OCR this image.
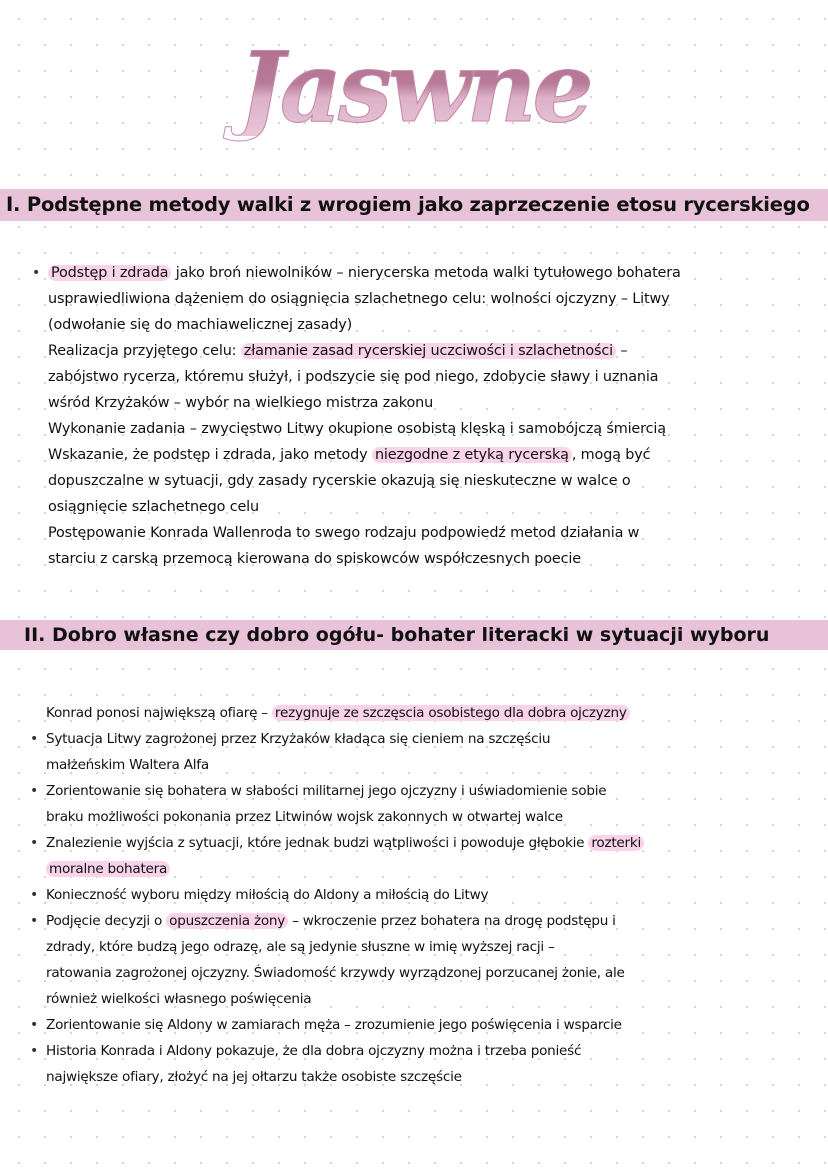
Jaswne
I. Podstępne metody walki z wrogiem jako zaprzeczenie etosu rycerskiego
• Podstęp i zdrada jako broń niewolników – nierycerska metoda walki tytułowego bohatera
usprawiedliwiona dążeniem do osiągnięcia szlachetnego celu: wolności ojczyzny – Litwy
(odwołanie się do machiawelicznej zasady)
Realizacja przyjętego celu: złamanie zasad rycerskiej uczciwości i szlachetności –
zabójstwo rycerza, któremu służył, i podszycie się pod niego, zdobycie sławy i uznania
wśród Krzyżaków – wybór na wielkiego mistrza zakonu
Wykonanie zadania – zwycięstwo Litwy okupione osobistą klęską i samobójczą śmiercią
Wskazanie, że podstęp i zdrada, jako metody niezgodne z etyką rycerską , mogą być
dopuszczalne w sytuacji, gdy zasady rycerskie okazują się nieskuteczne w walce o
osiągnięcie szlachetnego celu
Postępowanie Konrada Wallenroda to swego rodzaju podpowiedź metod działania w
starciu z carską przemocą kierowana do spiskowców współczesnych poecie
II. Dobro własne czy dobro ogółu- bohater literacki w sytuacji wyboru
Konrad ponosi największą ofiarę – rezygnuje ze szczęscia osobistego dla dobra ojczyzny
• Sytuacja Litwy zagrożonej przez Krzyżaków kładąca się cieniem na szczęściu
małżeńskim Waltera Alfa
• Zorientowanie się bohatera w słabości militarnej jego ojczyzny i uświadomienie sobie
braku możliwości pokonania przez Litwinów wojsk zakonnych w otwartej walce
• Znalezienie wyjścia z sytuacji, które jednak budzi wątpliwości i powoduje głębokie rozterki
moralne bohatera
• Konieczność wyboru między miłością do Aldony a miłością do Litwy
• Podjęcie decyzji o opuszczenia żony – wkroczenie przez bohatera na drogę podstępu i
zdrady, które budzą jego odrazę, ale są jedynie słuszne w imię wyższej racji –
ratowania zagrożonej ojczyzny. Świadomość krzywdy wyrządzonej porzucanej żonie, ale
również wielkości własnego poświęcenia
• Zorientowanie się Aldony w zamiarach męża – zrozumienie jego poświęcenia i wsparcie
• Historia Konrada i Aldony pokazuje, że dla dobra ojczyzny można i trzeba ponieść
największe ofiary, złożyć na jej ołtarzu także osobiste szczęście
